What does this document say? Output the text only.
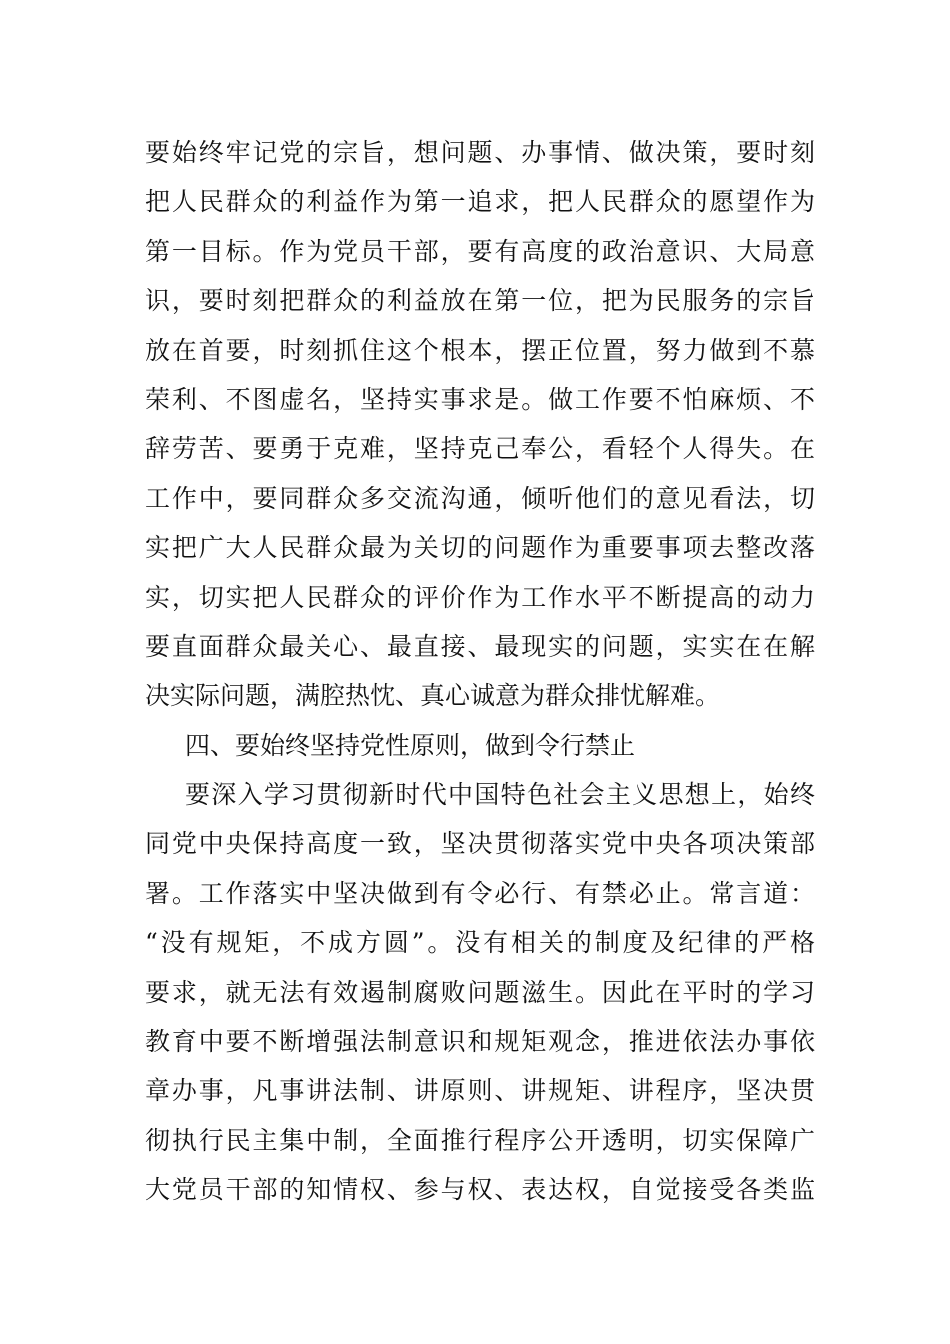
要始终牢记党的宗旨，想问题、办事情、做决策，要时刻

把人民群众的利益作为第一追求，把人民群众的愿望作为

第一目标。作为党员干部，要有高度的政治意识、大局意

识，要时刻把群众的利益放在第一位，把为民服务的宗旨

放在首要，时刻抓住这个根本，摆正位置，努力做到不慕

荣利、不图虚名，坚持实事求是。做工作要不怕麻烦、不

辞劳苦、要勇于克难，坚持克己奉公，看轻个人得失。在

工作中，要同群众多交流沟通，倾听他们的意见看法，切

实把广大人民群众最为关切的问题作为重要事项去整改落

实，切实把人民群众的评价作为工作水平不断提高的动力

要直面群众最关心、最直接、最现实的问题，实实在在解

决实际问题，满腔热忱、真心诚意为群众排忧解难。

四、要始终坚持党性原则，做到令行禁止

要深入学习贯彻新时代中国特色社会主义思想上，始终

同党中央保持高度一致，坚决贯彻落实党中央各项决策部

署。工作落实中坚决做到有令必行、有禁必止。常言道：

“没有规矩，不成方圆”。没有相关的制度及纪律的严格

要求，就无法有效遏制腐败问题滋生。因此在平时的学习

教育中要不断增强法制意识和规矩观念，推进依法办事依

章办事，凡事讲法制、讲原则、讲规矩、讲程序，坚决贯

彻执行民主集中制，全面推行程序公开透明，切实保障广

大党员干部的知情权、参与权、表达权，自觉接受各类监
